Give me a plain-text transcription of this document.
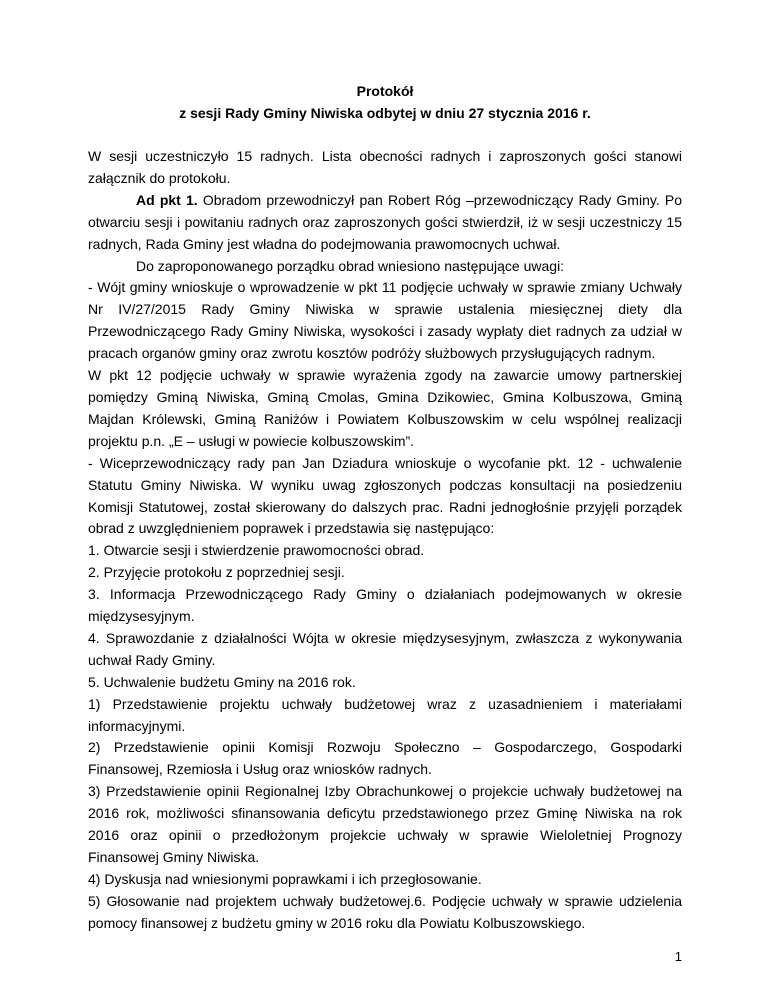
Protokół

z sesji Rady Gminy Niwiska odbytej w dniu 27 stycznia 2016 r.

W sesji uczestniczyło 15 radnych. Lista obecności radnych i zaproszonych gości stanowi załącznik do protokołu.

Ad pkt 1. Obradom przewodniczył pan Robert Róg –przewodniczący Rady Gminy. Po otwarciu sesji i powitaniu radnych oraz zaproszonych gości stwierdził, iż w sesji uczestniczy 15 radnych, Rada Gminy jest władna do podejmowania prawomocnych uchwał.

Do zaproponowanego porządku obrad wniesiono następujące uwagi:

- Wójt gminy wnioskuje o wprowadzenie w pkt 11 podjęcie uchwały w sprawie zmiany Uchwały Nr IV/27/2015 Rady Gminy Niwiska w sprawie ustalenia miesięcznej diety dla Przewodniczącego Rady Gminy Niwiska, wysokości i zasady wypłaty diet radnych za udział w pracach organów gminy oraz zwrotu kosztów podróży służbowych przysługujących radnym.

W pkt 12 podjęcie uchwały w sprawie wyrażenia zgody na zawarcie umowy partnerskiej pomiędzy Gminą Niwiska, Gminą Cmolas, Gmina Dzikowiec, Gmina Kolbuszowa, Gminą Majdan Królewski, Gminą Raniżów i Powiatem Kolbuszowskim w celu wspólnej realizacji projektu p.n. „E – usługi w powiecie kolbuszowskim”.

- Wiceprzewodniczący rady pan Jan Dziadura wnioskuje o wycofanie pkt. 12 - uchwalenie Statutu Gminy Niwiska. W wyniku uwag zgłoszonych podczas konsultacji na posiedzeniu Komisji Statutowej, został skierowany do dalszych prac. Radni jednogłośnie przyjęli porządek obrad z uwzględnieniem poprawek i przedstawia się następująco:

1. Otwarcie sesji i stwierdzenie prawomocności obrad.

2. Przyjęcie protokołu z poprzedniej sesji.

3. Informacja Przewodniczącego Rady Gminy o działaniach podejmowanych w okresie międzysesyjnym.

4. Sprawozdanie z działalności Wójta w okresie międzysesyjnym, zwłaszcza z wykonywania uchwał Rady Gminy.

5. Uchwalenie budżetu Gminy na 2016 rok.

1) Przedstawienie projektu uchwały budżetowej wraz z uzasadnieniem i materiałami informacyjnymi.

2) Przedstawienie opinii Komisji Rozwoju Społeczno – Gospodarczego, Gospodarki Finansowej, Rzemiosła i Usług oraz wniosków radnych.

3) Przedstawienie opinii Regionalnej Izby Obrachunkowej o projekcie uchwały budżetowej na 2016 rok, możliwości sfinansowania deficytu przedstawionego przez Gminę Niwiska na rok 2016 oraz opinii o przedłożonym projekcie uchwały w sprawie Wieloletniej Prognozy Finansowej Gminy Niwiska.

4) Dyskusja nad wniesionymi poprawkami i ich przegłosowanie.

5) Głosowanie nad projektem uchwały budżetowej.6. Podjęcie uchwały w sprawie udzielenia pomocy finansowej z budżetu gminy w 2016 roku dla Powiatu Kolbuszowskiego.

1
